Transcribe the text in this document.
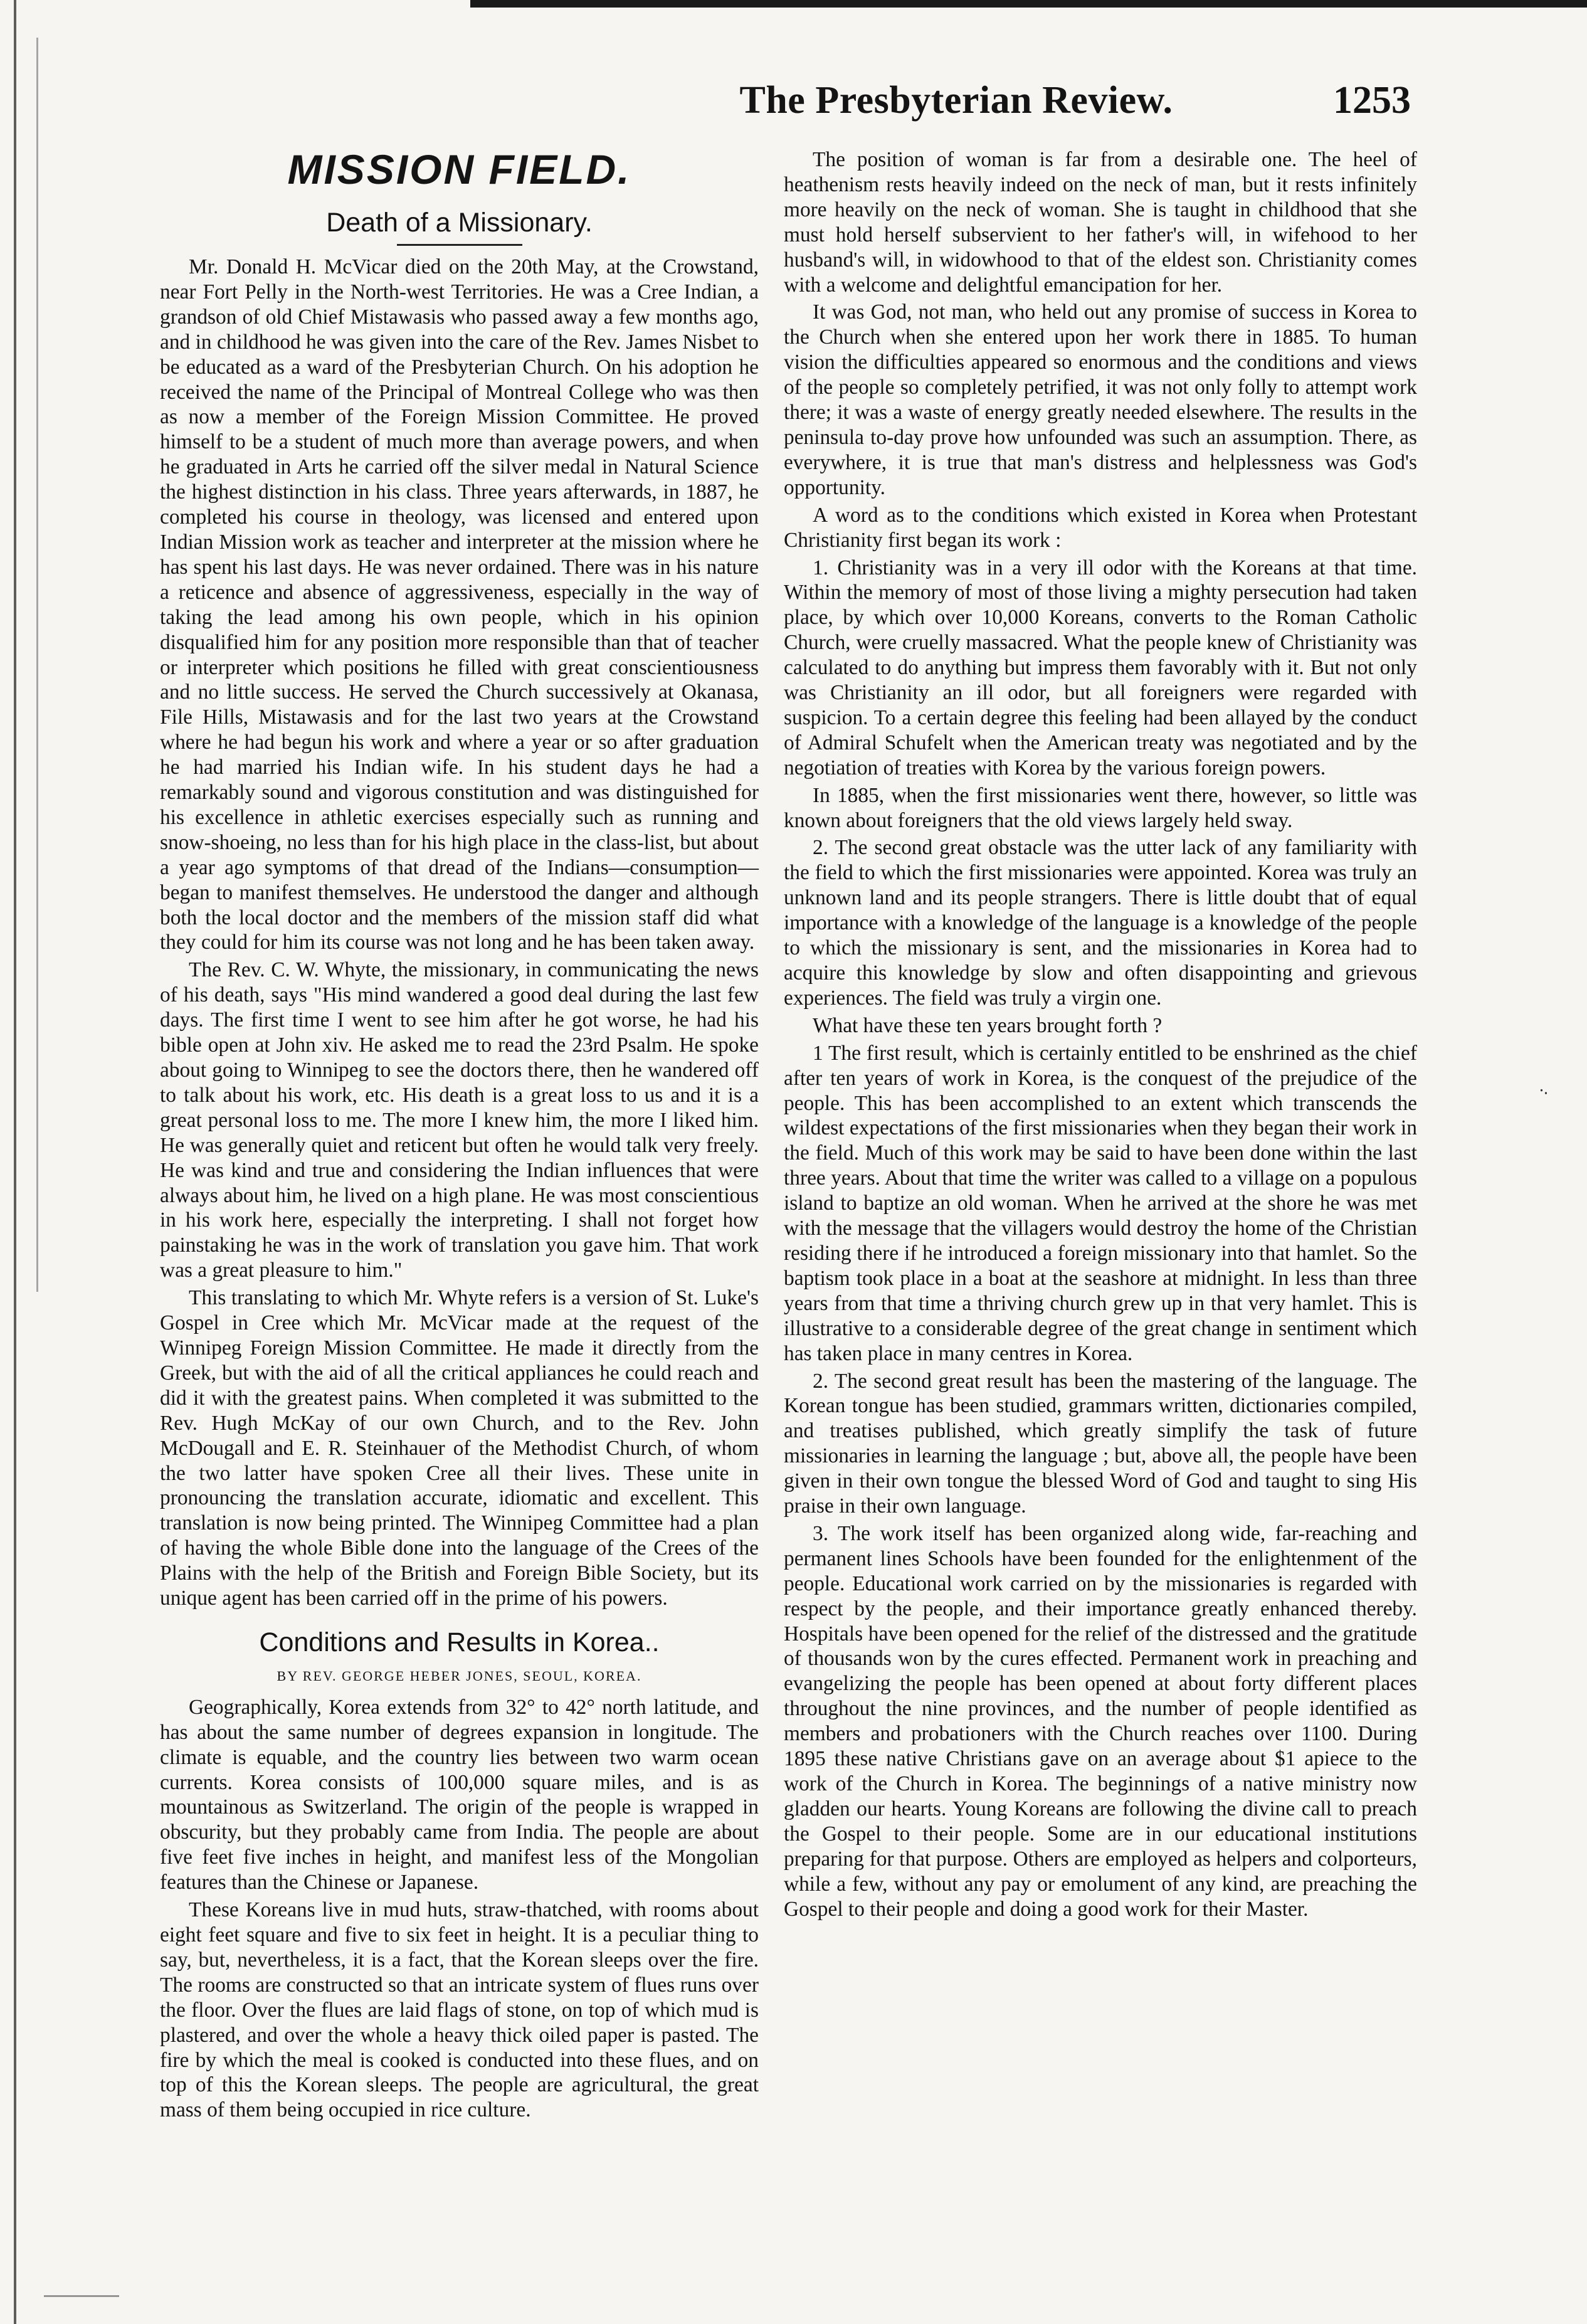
⸱⸳
The Presbyterian Review.	1253
MISSION FIELD.
Death of a Missionary.

Mr. Donald H. McVicar died on the 20th May, at the Crowstand, near Fort Pelly in the North-west Territories. He was a Cree Indian, a grandson of old Chief Mistawasis who passed away a few months ago, and in childhood he was given into the care of the Rev. James Nisbet to be educated as a ward of the Presbyterian Church. On his adoption he received the name of the Principal of Montreal College who was then as now a member of the Foreign Mission Committee. He proved himself to be a student of much more than average powers, and when he graduated in Arts he carried off the silver medal in Natural Science the highest distinction in his class. Three years afterwards, in 1887, he completed his course in theology, was licensed and entered upon Indian Mission work as teacher and interpreter at the mission where he has spent his last days. He was never ordained. There was in his nature a reticence and absence of aggressiveness, especially in the way of taking the lead among his own people, which in his opinion disqualified him for any position more responsible than that of teacher or interpreter which positions he filled with great conscientiousness and no little success. He served the Church successively at Okanasa, File Hills, Mistawasis and for the last two years at the Crowstand where he had begun his work and where a year or so after graduation he had married his Indian wife. In his student days he had a remarkably sound and vigorous constitution and was distinguished for his excellence in athletic exercises especially such as running and snow-shoeing, no less than for his high place in the class-list, but about a year ago symptoms of that dread of the Indians—consumption—began to manifest themselves. He understood the danger and although both the local doctor and the members of the mission staff did what they could for him its course was not long and he has been taken away.

The Rev. C. W. Whyte, the missionary, in communicating the news of his death, says "His mind wandered a good deal during the last few days. The first time I went to see him after he got worse, he had his bible open at John xiv. He asked me to read the 23rd Psalm. He spoke about going to Winnipeg to see the doctors there, then he wandered off to talk about his work, etc. His death is a great loss to us and it is a great personal loss to me. The more I knew him, the more I liked him. He was generally quiet and reticent but often he would talk very freely. He was kind and true and considering the Indian influences that were always about him, he lived on a high plane. He was most conscientious in his work here, especially the interpreting. I shall not forget how painstaking he was in the work of translation you gave him. That work was a great pleasure to him."

This translating to which Mr. Whyte refers is a version of St. Luke's Gospel in Cree which Mr. McVicar made at the request of the Winnipeg Foreign Mission Committee. He made it directly from the Greek, but with the aid of all the critical appliances he could reach and did it with the greatest pains. When completed it was submitted to the Rev. Hugh McKay of our own Church, and to the Rev. John McDougall and E. R. Steinhauer of the Methodist Church, of whom the two latter have spoken Cree all their lives. These unite in pronouncing the translation accurate, idiomatic and excellent. This translation is now being printed. The Winnipeg Committee had a plan of having the whole Bible done into the language of the Crees of the Plains with the help of the British and Foreign Bible Society, but its unique agent has been carried off in the prime of his powers.

Conditions and Results in Korea..
BY REV. GEORGE HEBER JONES, SEOUL, KOREA.

Geographically, Korea extends from 32° to 42° north latitude, and has about the same number of degrees expansion in longitude. The climate is equable, and the country lies between two warm ocean currents. Korea consists of 100,000 square miles, and is as mountainous as Switzerland. The origin of the people is wrapped in obscurity, but they probably came from India. The people are about five feet five inches in height, and manifest less of the Mongolian features than the Chinese or Japanese.

These Koreans live in mud huts, straw-thatched, with rooms about eight feet square and five to six feet in height. It is a peculiar thing to say, but, nevertheless, it is a fact, that the Korean sleeps over the fire. The rooms are constructed so that an intricate system of flues runs over the floor. Over the flues are laid flags of stone, on top of which mud is plastered, and over the whole a heavy thick oiled paper is pasted. The fire by which the meal is cooked is conducted into these flues, and on top of this the Korean sleeps. The people are agricultural, the great mass of them being occupied in rice culture.

The position of woman is far from a desirable one. The heel of heathenism rests heavily indeed on the neck of man, but it rests infinitely more heavily on the neck of woman. She is taught in childhood that she must hold herself subservient to her father's will, in wifehood to her husband's will, in widowhood to that of the eldest son. Christianity comes with a welcome and delightful emancipation for her.

It was God, not man, who held out any promise of success in Korea to the Church when she entered upon her work there in 1885. To human vision the difficulties appeared so enormous and the conditions and views of the people so completely petrified, it was not only folly to attempt work there; it was a waste of energy greatly needed elsewhere. The results in the peninsula to-day prove how unfounded was such an assumption. There, as everywhere, it is true that man's distress and helplessness was God's opportunity.

A word as to the conditions which existed in Korea when Protestant Christianity first began its work :

1. Christianity was in a very ill odor with the Koreans at that time. Within the memory of most of those living a mighty persecution had taken place, by which over 10,000 Koreans, converts to the Roman Catholic Church, were cruelly massacred. What the people knew of Christianity was calculated to do anything but impress them favorably with it. But not only was Christianity an ill odor, but all foreigners were regarded with suspicion. To a certain degree this feeling had been allayed by the conduct of Admiral Schufelt when the American treaty was negotiated and by the negotiation of treaties with Korea by the various foreign powers.

In 1885, when the first missionaries went there, however, so little was known about foreigners that the old views largely held sway.

2. The second great obstacle was the utter lack of any familiarity with the field to which the first missionaries were appointed. Korea was truly an unknown land and its people strangers. There is little doubt that of equal importance with a knowledge of the language is a knowledge of the people to which the missionary is sent, and the missionaries in Korea had to acquire this knowledge by slow and often disappointing and grievous experiences. The field was truly a virgin one.

What have these ten years brought forth ?

1 The first result, which is certainly entitled to be enshrined as the chief after ten years of work in Korea, is the conquest of the prejudice of the people. This has been accomplished to an extent which transcends the wildest expectations of the first missionaries when they began their work in the field. Much of this work may be said to have been done within the last three years. About that time the writer was called to a village on a populous island to baptize an old woman. When he arrived at the shore he was met with the message that the villagers would destroy the home of the Christian residing there if he introduced a foreign missionary into that hamlet. So the baptism took place in a boat at the seashore at midnight. In less than three years from that time a thriving church grew up in that very hamlet. This is illustrative to a considerable degree of the great change in sentiment which has taken place in many centres in Korea.

2. The second great result has been the mastering of the language. The Korean tongue has been studied, grammars written, dictionaries compiled, and treatises published, which greatly simplify the task of future missionaries in learning the language ; but, above all, the people have been given in their own tongue the blessed Word of God and taught to sing His praise in their own language.

3. The work itself has been organized along wide, far-reaching and permanent lines Schools have been founded for the enlightenment of the people. Educational work carried on by the missionaries is regarded with respect by the people, and their importance greatly enhanced thereby. Hospitals have been opened for the relief of the distressed and the gratitude of thousands won by the cures effected. Permanent work in preaching and evangelizing the people has been opened at about forty different places throughout the nine provinces, and the number of people identified as members and probationers with the Church reaches over 1100. During 1895 these native Christians gave on an average about $1 apiece to the work of the Church in Korea. The beginnings of a native ministry now gladden our hearts. Young Koreans are following the divine call to preach the Gospel to their people. Some are in our educational institutions preparing for that purpose. Others are employed as helpers and colporteurs, while a few, without any pay or emolument of any kind, are preaching the Gospel to their people and doing a good work for their Master.
